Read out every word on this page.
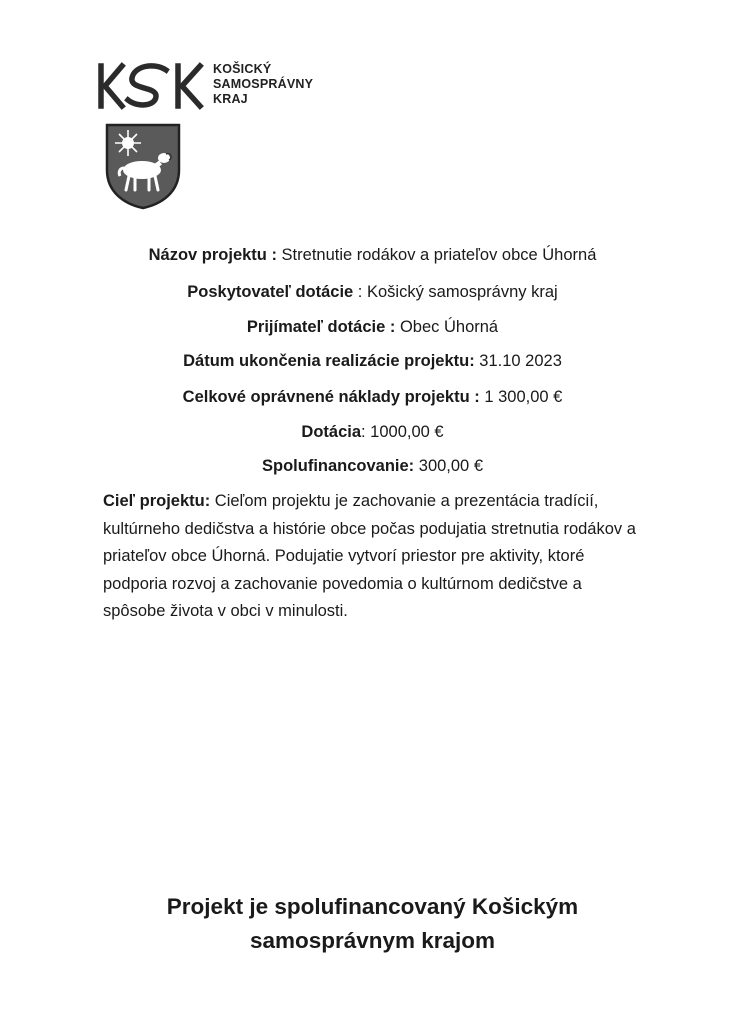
KOŠICKÝ
SAMOSPRÁVNY
KRAJ
Názov projektu : Stretnutie rodákov a priateľov obce Úhorná
Poskytovateľ dotácie : Košický samosprávny kraj
Prijímateľ dotácie : Obec Úhorná
Dátum ukončenia realizácie projektu: 31.10 2023
Celkové oprávnené náklady projektu : 1 300,00 €
Dotácia: 1000,00 €
Spolufinancovanie: 300,00 €
Cieľ projektu: Cieľom projektu je zachovanie a prezentácia tradícií, kultúrneho dedičstva a histórie obce počas podujatia stretnutia rodákov a priateľov obce Úhorná. Podujatie vytvorí priestor pre aktivity, ktoré podporia rozvoj a zachovanie povedomia o kultúrnom dedičstve a spôsobe života v obci v minulosti.
Projekt je spolufinancovaný Košickým
samosprávnym krajom
